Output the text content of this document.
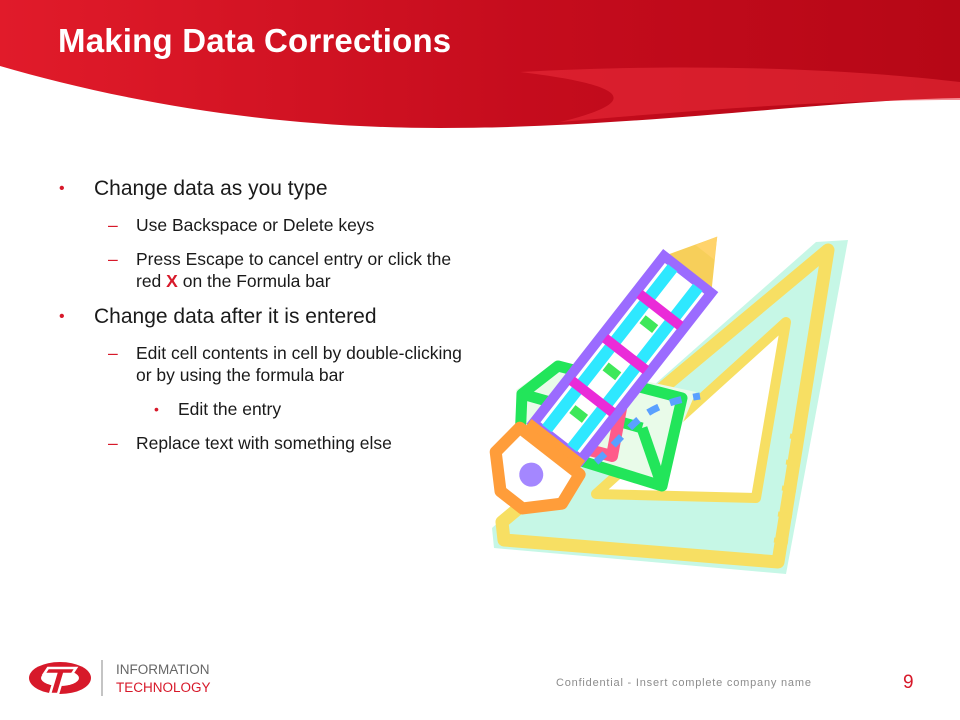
Making Data Corrections
• Change data as you type
– Use Backspace or Delete keys
– Press Escape to cancel entry or click the red X on the Formula bar
• Change data after it is entered
– Edit cell contents in cell by double-clicking or by using the formula bar
• Edit the entry
– Replace text with something else
INFORMATION
TECHNOLOGY	Confidential - Insert complete company name	9
